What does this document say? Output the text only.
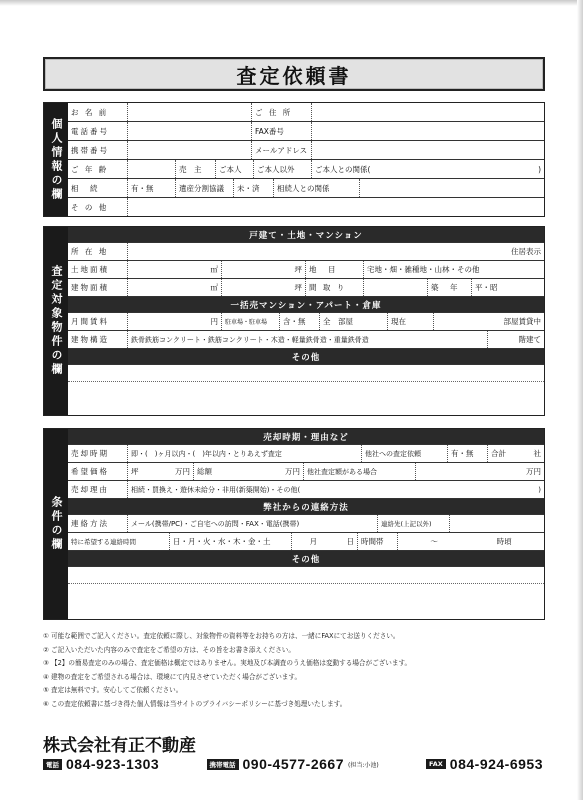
査定依頼書
個人情報の欄
お 名 前	ご 住 所
電話番号	FAX番号
携帯番号	メールアドレス
ご 年 齢	売　主	ご本人	ご本人以外	ご本人との関係(	)
相　続	有・無	遺産分割協議	未・済	相続人との関係
そ の 他
査定対象物件の欄
戸建て・土地・マンション
所 在 地	住居表示
土地面積	㎡	坪 地　目	宅地・畑・雑種地・山林・その他
建物面積	㎡	坪 間 取 り	築　年	平・昭
一括売マンション・アパート・倉庫
月間賃料	円	駐車場・駐車場	含・無	全　部屋	現在	部屋賃貸中
建物構造	鉄骨鉄筋コンクリート・鉄筋コンクリート・木造・軽量鉄骨造・重量鉄骨造	階建て
その他
条件の欄
売却時期・理由など
売却時期	即・(　)ヶ月以内・(　)年以内・とりあえず査定	他社への査定依頼	有・無	合計	社
希望価格	坪	万円 総額	万円	他社査定額がある場合	万円
売却理由	相続・買換え・遊休未給分・非用(新築開始)・その他(	)
弊社からの連絡方法
連絡方法	メール(携帯/PC)・ご自宅への訪問・FAX・電話(携帯)	連絡先(上記以外)
特に希望する連絡時間	日・月・火・水・木・金・土	月	日 時間帯	～	時頃
その他
① 可能な範囲でご記入ください。査定依頼に際し、対象物件の資料等をお持ちの方は、一緒にFAXにてお送りください。
② ご記入いただいた内容のみで査定をご希望の方は、その旨をお書き添えください。
③ 【2】の簡易査定のみの場合、査定価格は概定ではありません。実地及び本調査のうえ価格は変動する場合がございます。
④ 建物の査定をご希望される場合は、環境にて内見させていただく場合がございます。
⑤ 査定は無料です。安心してご依頼ください。
⑥ この査定依頼書に基づき得た個人情報は当サイトのプライバシーポリシーに基づき処理いたします。
株式会社有正不動産
電話 084-923-1303	携帯電話 090-4577-2667 (担当:小池)	FAX 084-924-6953
